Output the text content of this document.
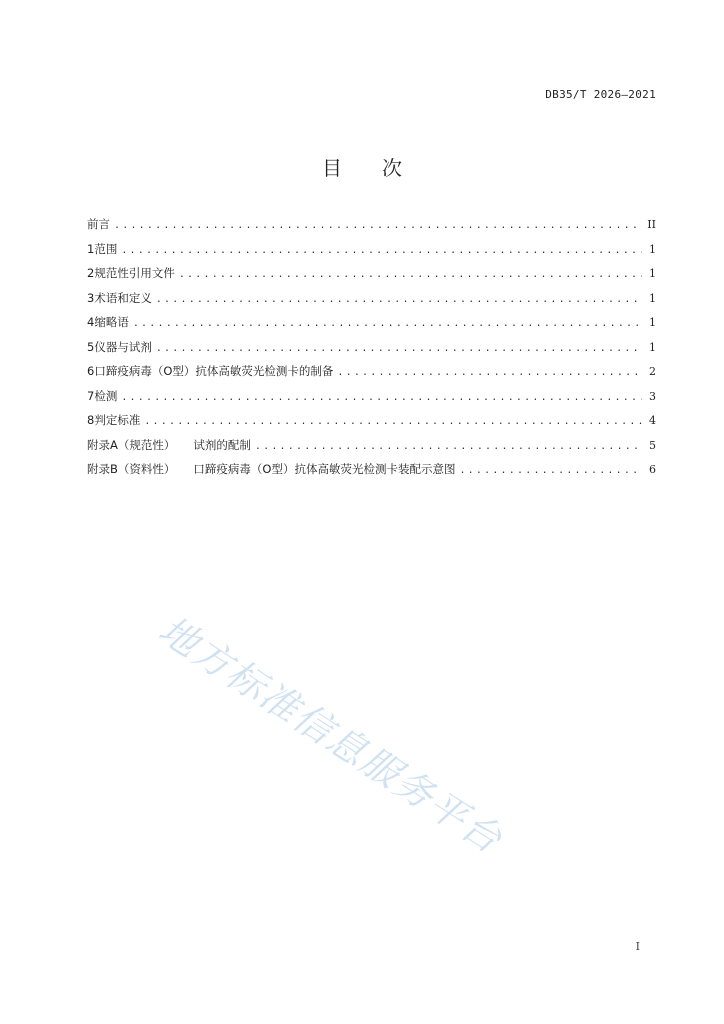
DB35/T 2026—2021
目 次
前言 .....	II
1 范围 .....	1
2 规范性引用文件 .....	1
3 术语和定义 .....	1
4 缩略语 .....	1
5 仪器与试剂 .....	1
6 口蹄疫病毒（O型）抗体高敏荧光检测卡的制备 .....	2
7 检测 .....	3
8 判定标准 .....	4
附录A（规范性） 试剂的配制 .....	5
附录B（资料性） 口蹄疫病毒（O型）抗体高敏荧光检测卡装配示意图 .....	6
地方标准信息服务平台
I
